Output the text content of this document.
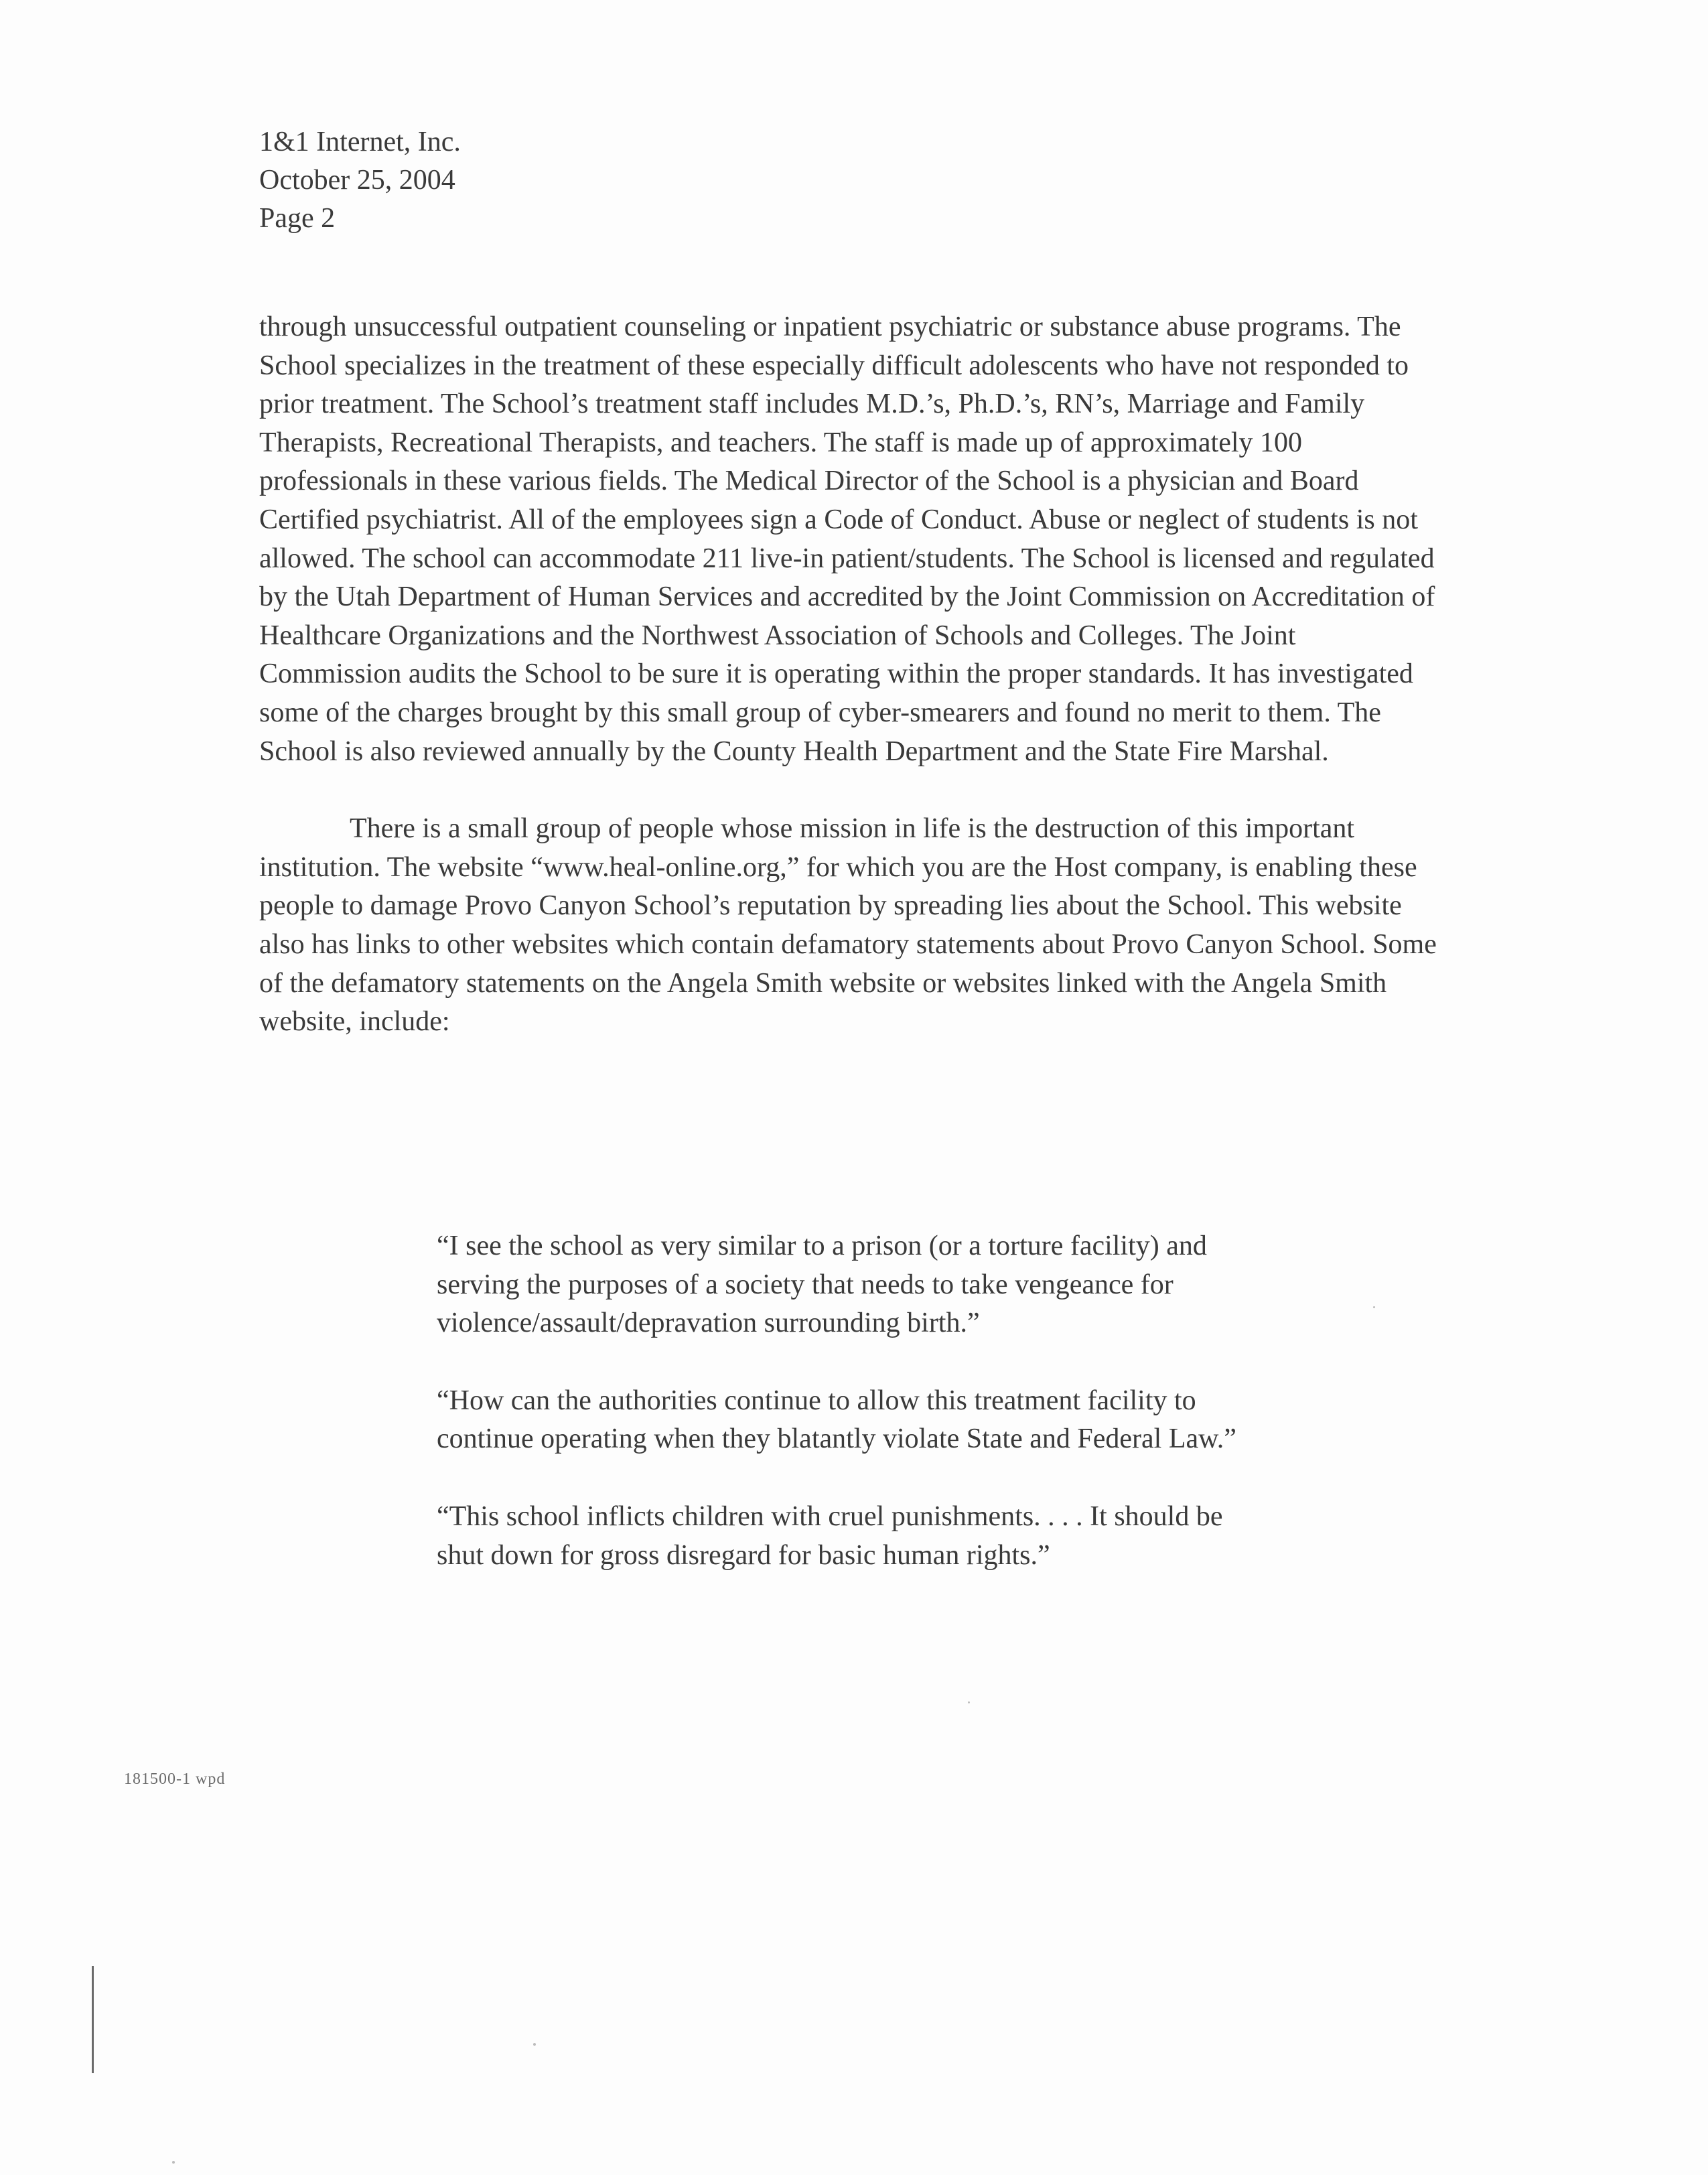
1&1 Internet, Inc.
October 25, 2004
Page 2

through unsuccessful outpatient counseling or inpatient psychiatric or substance abuse programs. The School specializes in the treatment of these especially difficult adolescents who have not responded to prior treatment. The School’s treatment staff includes M.D.’s, Ph.D.’s, RN’s, Marriage and Family Therapists, Recreational Therapists, and teachers. The staff is made up of approximately 100 professionals in these various fields. The Medical Director of the School is a physician and Board Certified psychiatrist. All of the employees sign a Code of Conduct. Abuse or neglect of students is not allowed. The school can accommodate 211 live-in patient/students. The School is licensed and regulated by the Utah Department of Human Services and accredited by the Joint Commission on Accreditation of Healthcare Organizations and the Northwest Association of Schools and Colleges. The Joint Commission audits the School to be sure it is operating within the proper standards. It has investigated some of the charges brought by this small group of cyber-smearers and found no merit to them. The School is also reviewed annually by the County Health Department and the State Fire Marshal.

There is a small group of people whose mission in life is the destruction of this important institution. The website “www.heal-online.org,” for which you are the Host company, is enabling these people to damage Provo Canyon School’s reputation by spreading lies about the School. This website also has links to other websites which contain defamatory statements about Provo Canyon School. Some of the defamatory statements on the Angela Smith website or websites linked with the Angela Smith website, include:

“I see the school as very similar to a prison (or a torture facility) and serving the purposes of a society that needs to take vengeance for violence/assault/depravation surrounding birth.”

“How can the authorities continue to allow this treatment facility to continue operating when they blatantly violate State and Federal Law.”

“This school inflicts children with cruel punishments. . . . It should be shut down for gross disregard for basic human rights.”

181500-1 wpd
